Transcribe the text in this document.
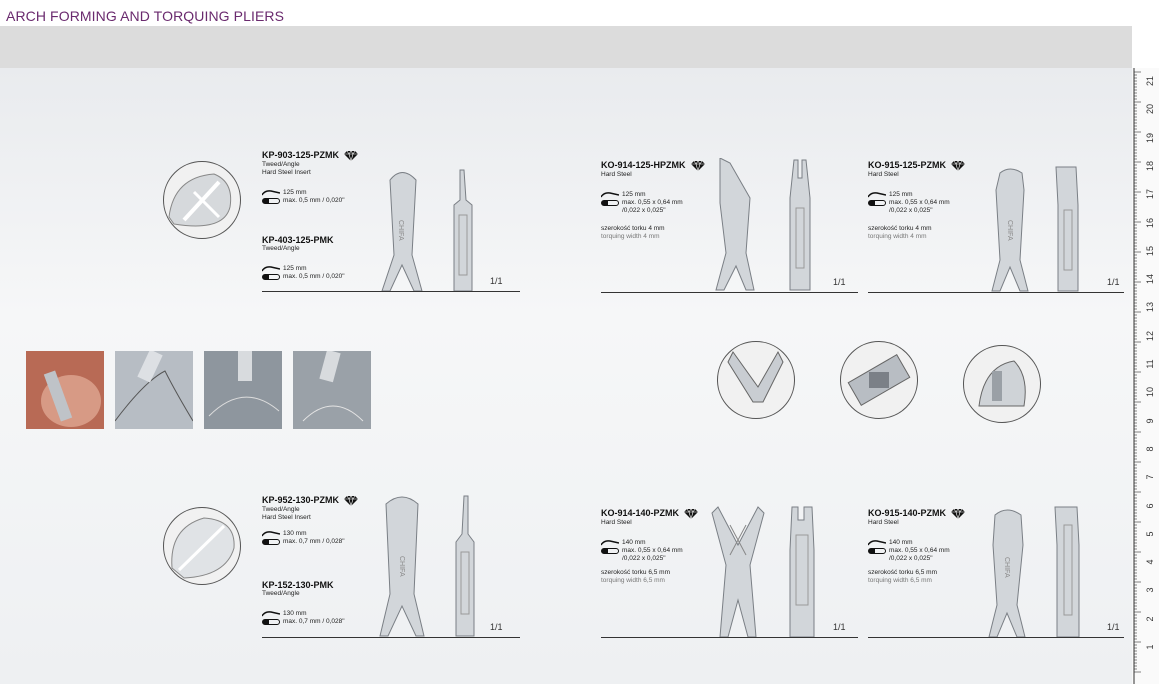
ARCH FORMING AND TORQUING PLIERS
21
20
19
18
17
16
15
14
13
12
11
10
9
8
7
6
5
4
3
2
1
KP-903-125-PZMK
Tweed/Angle
Hard Steel Insert
125 mm
max. 0,5 mm / 0,020"
KP-403-125-PMK
Tweed/Angle
125 mm
max. 0,5 mm / 0,020"
CHIFA
1/1
KO-914-125-HPZMK
Hard Steel
125 mm
max. 0,55 x 0,64 mm
/0,022 x 0,025"
szerokość torku 4 mm
torquing width 4 mm
1/1
KO-915-125-PZMK
Hard Steel
125 mm
max. 0,55 x 0,64 mm
/0,022 x 0,025"
szerokość torku 4 mm
torquing width 4 mm	CHIFA
1/1
KP-952-130-PZMK
Tweed/Angle
Hard Steel Insert
130 mm
max. 0,7 mm / 0,028"
KP-152-130-PMK
Tweed/Angle
130 mm
max. 0,7 mm / 0,028"
CHIFA
1/1
KO-914-140-PZMK
Hard Steel
140 mm
max. 0,55 x 0,64 mm
/0,022 x 0,025"
szerokość torku 6,5 mm
torquing width 6,5 mm
1/1
KO-915-140-PZMK
Hard Steel
140 mm
max. 0,55 x 0,64 mm
/0,022 x 0,025"
szerokość torku 6,5 mm
torquing width 6,5 mm
CHIFA
1/1
